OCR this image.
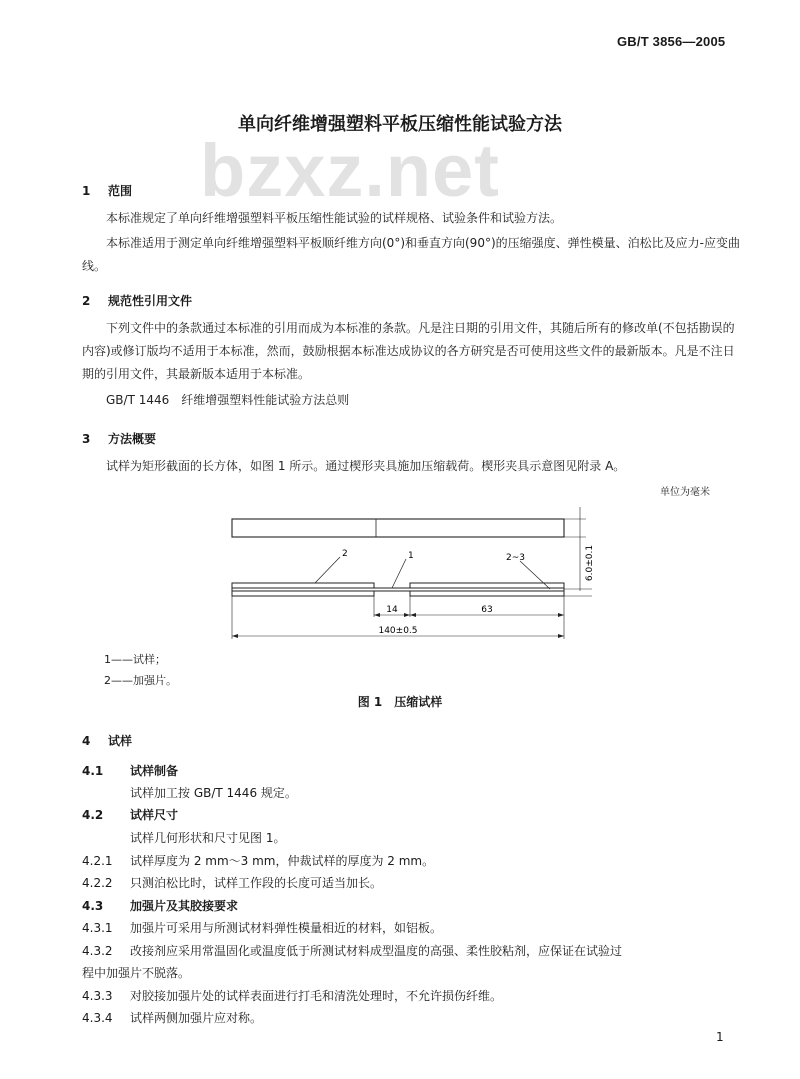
GB/T 3856—2005
bzxz.net
单向纤维增强塑料平板压缩性能试验方法
1 范围
本标准规定了单向纤维增强塑料平板压缩性能试验的试样规格、试验条件和试验方法。
本标准适用于测定单向纤维增强塑料平板顺纤维方向(0°)和垂直方向(90°)的压缩强度、弹性模量、泊松比及应力-应变曲线。
2 规范性引用文件
下列文件中的条款通过本标准的引用而成为本标准的条款。凡是注日期的引用文件，其随后所有的修改单(不包括勘误的内容)或修订版均不适用于本标准，然而，鼓励根据本标准达成协议的各方研究是否可使用这些文件的最新版本。凡是不注日期的引用文件，其最新版本适用于本标准。
GB/T 1446　纤维增强塑料性能试验方法总则
3 方法概要
试样为矩形截面的长方体，如图 1 所示。通过楔形夹具施加压缩载荷。楔形夹具示意图见附录 A。
单位为毫米
6.0±0.1
2	1	2~3
14	63
140±0.5
1——试样；
2——加强片。
图 1　压缩试样
4 试样
4.1 试样制备
试样加工按 GB/T 1446 规定。
4.2 试样尺寸
试样几何形状和尺寸见图 1。
4.2.1 试样厚度为 2 mm～3 mm，仲裁试样的厚度为 2 mm。
4.2.2 只测泊松比时，试样工作段的长度可适当加长。
4.3 加强片及其胶接要求
4.3.1 加强片可采用与所测试材料弹性模量相近的材料，如铝板。
4.3.2 改接剂应采用常温固化或温度低于所测试材料成型温度的高强、柔性胶粘剂，应保证在试验过
程中加强片不脱落。
4.3.3 对胶接加强片处的试样表面进行打毛和清洗处理时，不允许损伤纤维。
4.3.4 试样两侧加强片应对称。
1
